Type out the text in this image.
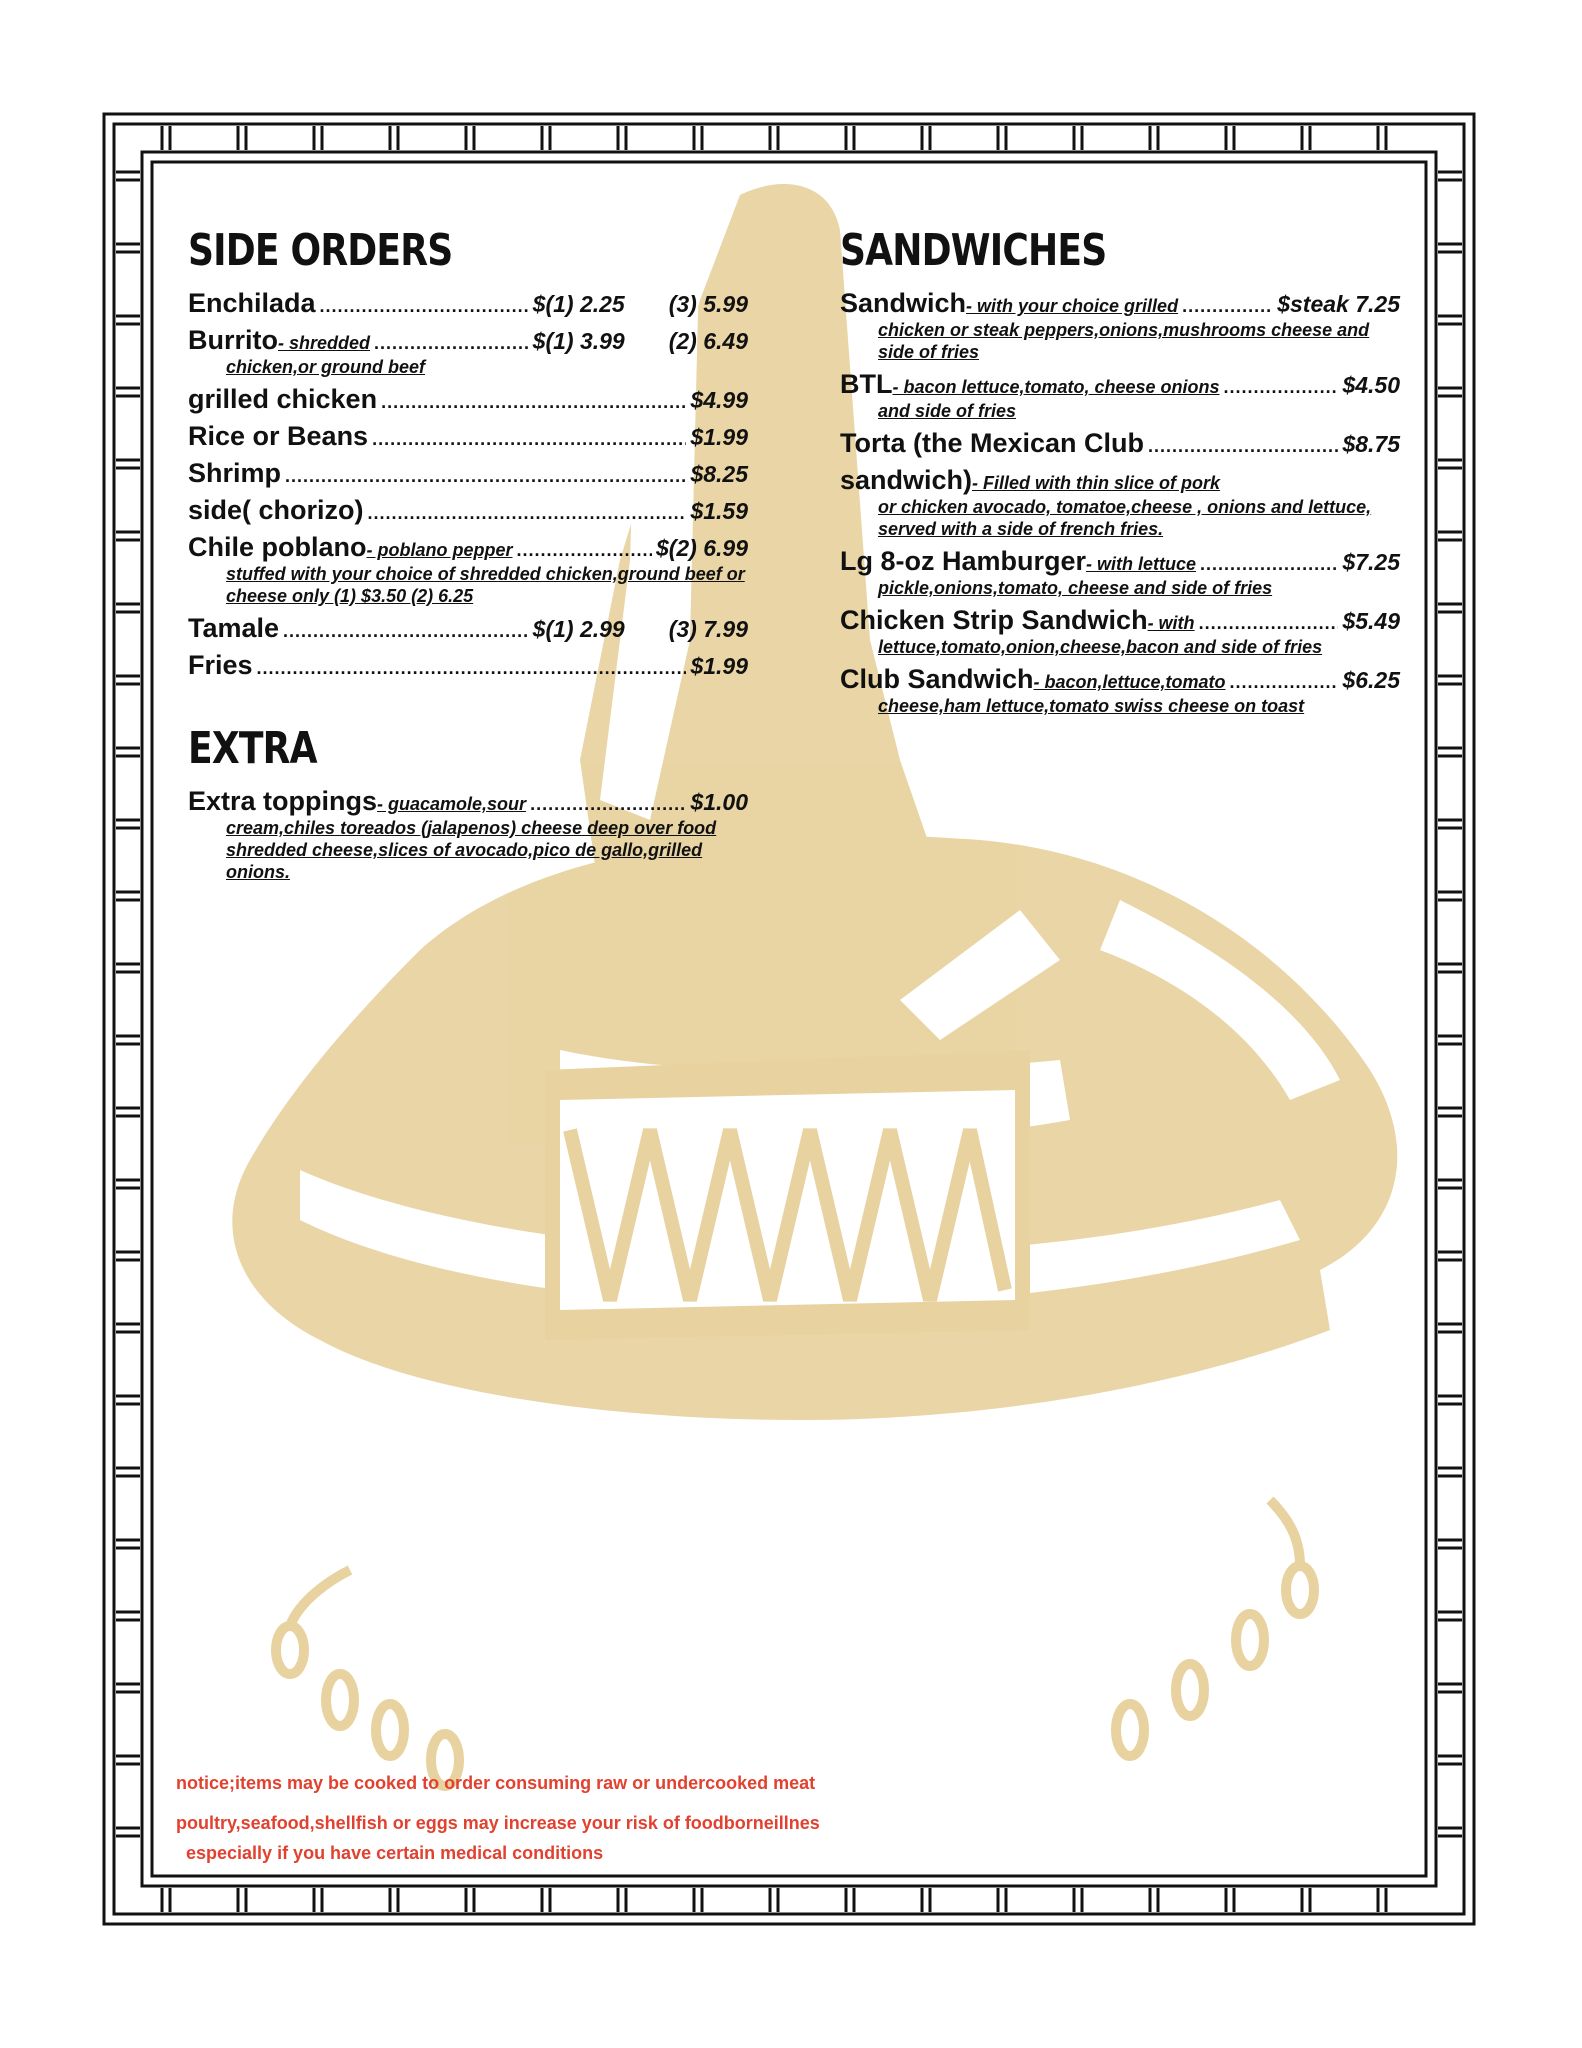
SIDE ORDERS
Enchilada .....	$(1) 2.25 (3) 5.99
Burrito - shredded .....	$(1) 3.99 (2) 6.49
chicken,or ground beef
grilled chicken .....	$4.99
Rice or Beans .....	$1.99
Shrimp .....	$8.25
side( chorizo) .....	$1.59
Chile poblano - poblano pepper .....	$(2) 6.99
stuffed with your choice of shredded chicken,ground beef or cheese only (1) $3.50 (2) 6.25
Tamale .....	$(1) 2.99 (3) 7.99
Fries .....	$1.99
EXTRA
Extra toppings - guacamole,sour .....	$1.00
cream,chiles toreados (jalapenos) cheese deep over food shredded cheese,slices of avocado,pico de gallo,grilled onions.
SANDWICHES
Sandwich - with your choice grilled .....	$steak 7.25
chicken or steak peppers,onions,mushrooms cheese and side of fries
BTL - bacon lettuce,tomato, cheese onions .....	$4.50
and side of fries
Torta (the Mexican Club .....	$8.75
sandwich) - Filled with thin slice of pork
or chicken avocado, tomatoe,cheese , onions and lettuce, served with a side of french fries.
Lg 8-oz Hamburger - with lettuce .....	$7.25
pickle,onions,tomato, cheese and side of fries
Chicken Strip Sandwich - with .....	$5.49
lettuce,tomato,onion,cheese,bacon and side of fries
Club Sandwich - bacon,lettuce,tomato .....	$6.25
cheese,ham lettuce,tomato swiss cheese on toast
notice;items may be cooked to order consuming raw or undercooked meat
poultry,seafood,shellfish or eggs may increase your risk of foodborneillnes
especially if you have certain medical conditions
